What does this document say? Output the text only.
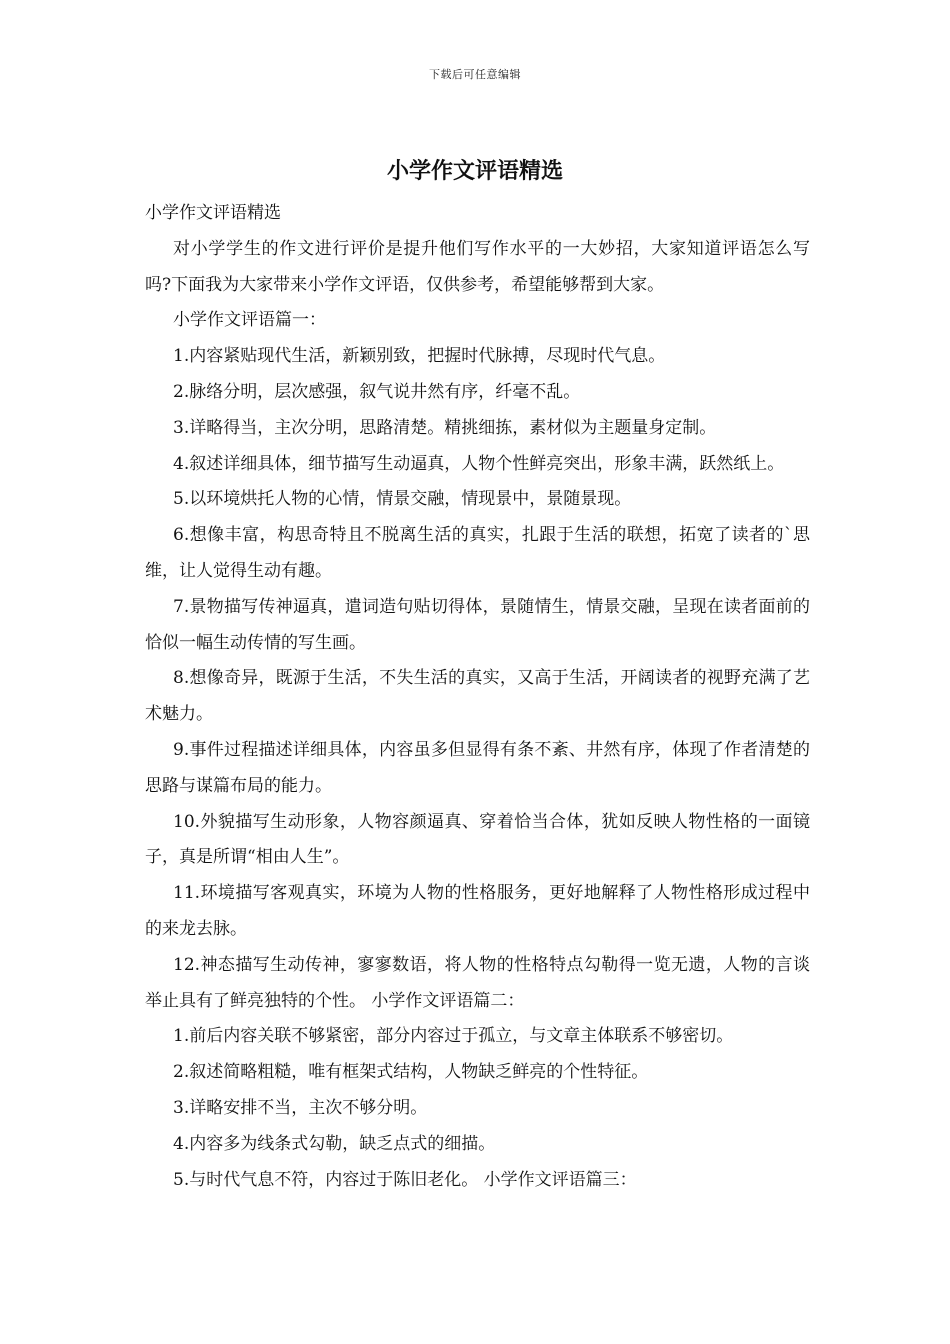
下载后可任意编辑
小学作文评语精选

小学作文评语精选

对小学学生的作文进行评价是提升他们写作水平的一大妙招，大家知道评语怎么写吗?下面我为大家带来小学作文评语，仅供参考，希望能够帮到大家。

小学作文评语篇一：

1.内容紧贴现代生活，新颖别致，把握时代脉搏，尽现时代气息。

2.脉络分明，层次感强，叙气说井然有序，纤毫不乱。

3.详略得当，主次分明，思路清楚。精挑细拣，素材似为主题量身定制。

4.叙述详细具体，细节描写生动逼真，人物个性鲜亮突出，形象丰满，跃然纸上。

5.以环境烘托人物的心情，情景交融，情现景中，景随景现。

6.想像丰富，构思奇特且不脱离生活的真实，扎跟于生活的联想，拓宽了读者的`思维，让人觉得生动有趣。

7.景物描写传神逼真，遣词造句贴切得体，景随情生，情景交融，呈现在读者面前的恰似一幅生动传情的写生画。

8.想像奇异，既源于生活，不失生活的真实，又高于生活，开阔读者的视野充满了艺术魅力。

9.事件过程描述详细具体，内容虽多但显得有条不紊、井然有序，体现了作者清楚的思路与谋篇布局的能力。

10.外貌描写生动形象，人物容颜逼真、穿着恰当合体，犹如反映人物性格的一面镜子，真是所谓“相由人生”。

11.环境描写客观真实，环境为人物的性格服务，更好地解释了人物性格形成过程中的来龙去脉。

12.神态描写生动传神，寥寥数语，将人物的性格特点勾勒得一览无遗，人物的言谈举止具有了鲜亮独特的个性。 小学作文评语篇二：

1.前后内容关联不够紧密，部分内容过于孤立，与文章主体联系不够密切。

2.叙述简略粗糙，唯有框架式结构，人物缺乏鲜亮的个性特征。

3.详略安排不当，主次不够分明。

4.内容多为线条式勾勒，缺乏点式的细描。

5.与时代气息不符，内容过于陈旧老化。 小学作文评语篇三：
